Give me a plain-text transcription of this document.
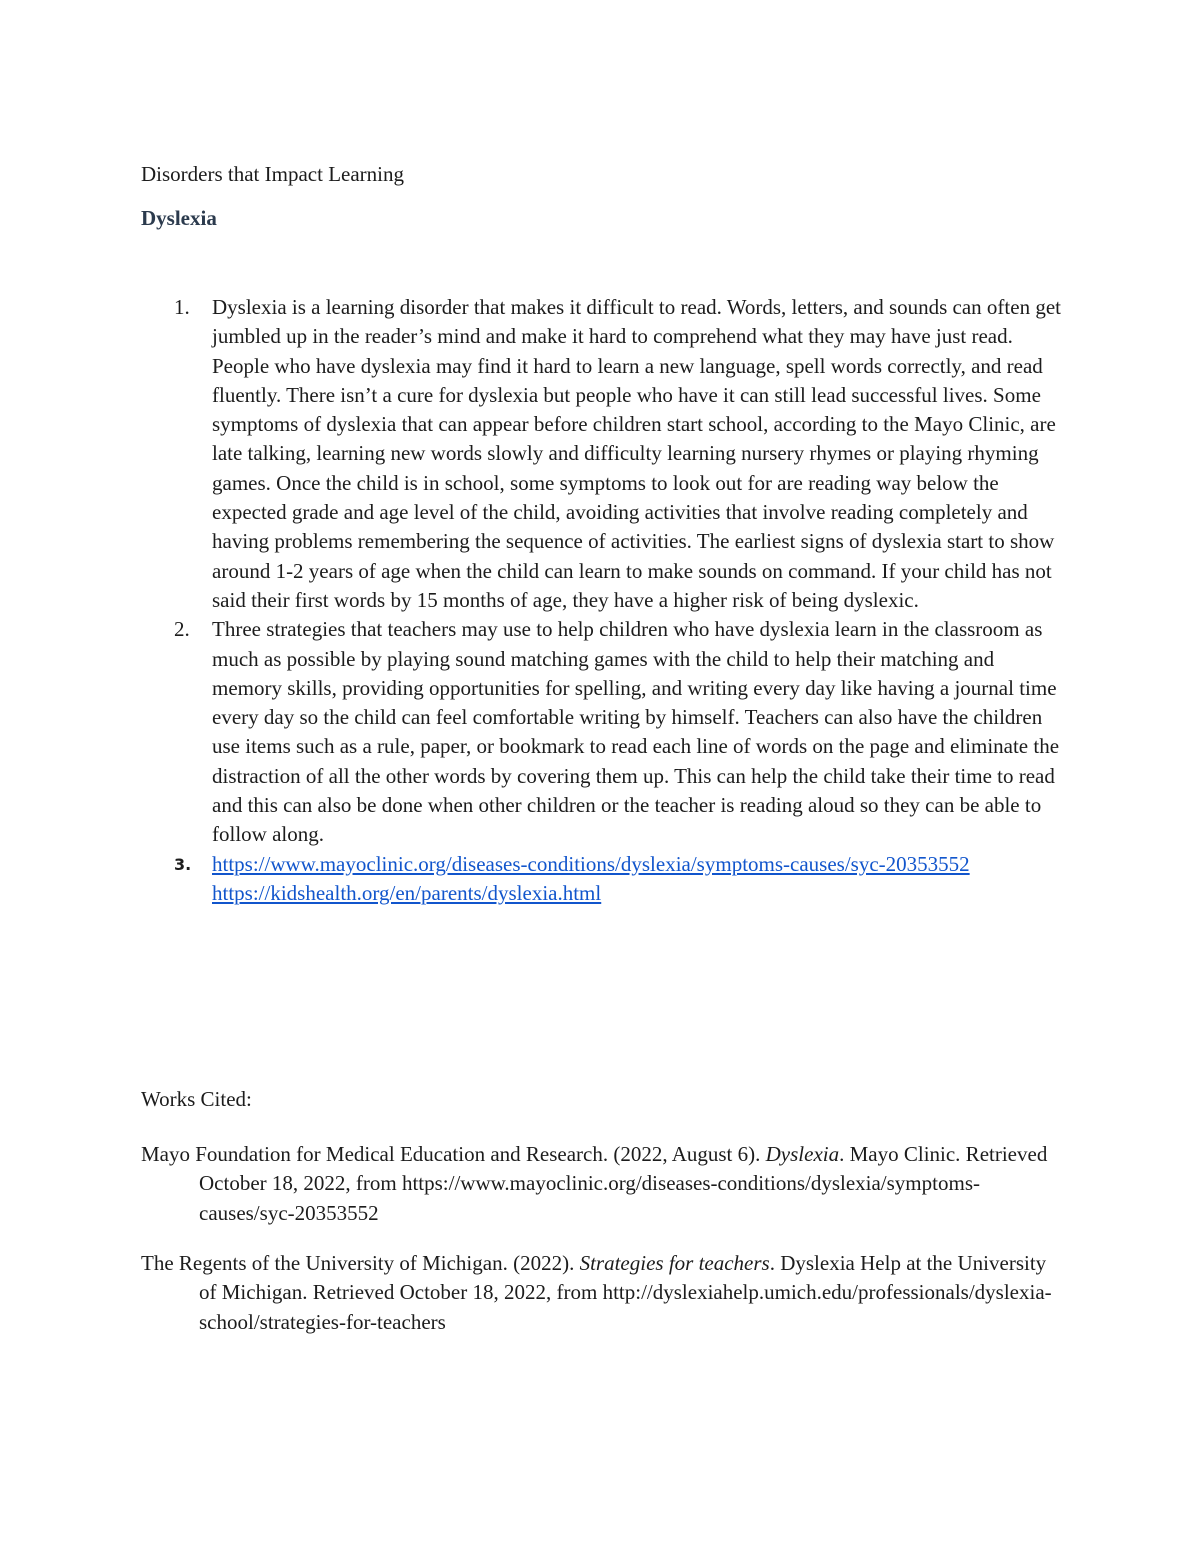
Disorders that Impact Learning

Dyslexia
1. Dyslexia is a learning disorder that makes it difficult to read. Words, letters, and sounds can often get jumbled up in the reader’s mind and make it hard to comprehend what they may have just read. People who have dyslexia may find it hard to learn a new language, spell words correctly, and read fluently. There isn’t a cure for dyslexia but people who have it can still lead successful lives. Some symptoms of dyslexia that can appear before children start school, according to the Mayo Clinic, are late talking, learning new words slowly and difficulty learning nursery rhymes or playing rhyming games. Once the child is in school, some symptoms to look out for are reading way below the expected grade and age level of the child, avoiding activities that involve reading completely and having problems remembering the sequence of activities. The earliest signs of dyslexia start to show around 1-2 years of age when the child can learn to make sounds on command. If your child has not said their first words by 15 months of age, they have a higher risk of being dyslexic.
2. Three strategies that teachers may use to help children who have dyslexia learn in the classroom as much as possible by playing sound matching games with the child to help their matching and memory skills, providing opportunities for spelling, and writing every day like having a journal time every day so the child can feel comfortable writing by himself. Teachers can also have the children use items such as a rule, paper, or bookmark to read each line of words on the page and eliminate the distraction of all the other words by covering them up. This can help the child take their time to read and this can also be done when other children or the teacher is reading aloud so they can be able to follow along.
3. https://www.mayoclinic.org/diseases-conditions/dyslexia/symptoms-causes/syc-20353552
https://kidshealth.org/en/parents/dyslexia.html

Works Cited:

Mayo Foundation for Medical Education and Research. (2022, August 6). Dyslexia. Mayo Clinic. Retrieved October 18, 2022, from https://www.mayoclinic.org/diseases-conditions/dyslexia/symptoms-causes/syc-20353552

The Regents of the University of Michigan. (2022). Strategies for teachers. Dyslexia Help at the University of Michigan. Retrieved October 18, 2022, from http://dyslexiahelp.umich.edu/professionals/dyslexia-school/strategies-for-teachers
